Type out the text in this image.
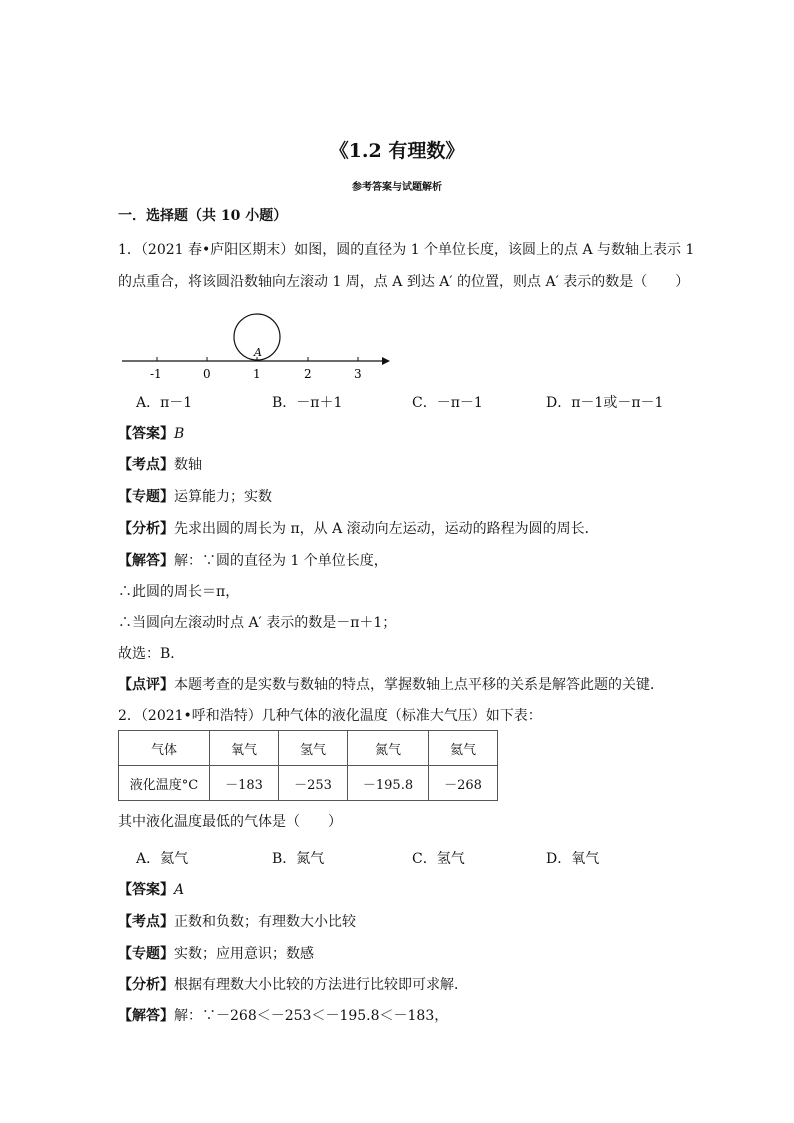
《1.2 有理数》
参考答案与试题解析
一．选择题（共 10 小题）
1．（2021 春•庐阳区期末）如图，圆的直径为 1 个单位长度，该圆上的点 A 与数轴上表示 1
的点重合，将该圆沿数轴向左滚动 1 周，点 A 到达 A′ 的位置，则点 A′ 表示的数是（　　）
A
-1	0	1	2	3
A．π－1	B．－π＋1	C．－π－1	D．π－1或－π－1
【答案】B
【考点】数轴
【专题】运算能力；实数
【分析】先求出圆的周长为 π，从 A 滚动向左运动，运动的路程为圆的周长．
【解答】解：∵圆的直径为 1 个单位长度，
∴此圆的周长＝π，
∴当圆向左滚动时点 A′ 表示的数是－π＋1；
故选：B．
【点评】本题考查的是实数与数轴的特点，掌握数轴上点平移的关系是解答此题的关键．
2．（2021•呼和浩特）几种气体的液化温度（标准大气压）如下表：
气体	氧气	氢气	氮气	氦气
液化温度°C	－183	－253	－195.8	－268
其中液化温度最低的气体是（　　）
A．氦气	B．氮气	C．氢气	D．氧气
【答案】A
【考点】正数和负数；有理数大小比较
【专题】实数；应用意识；数感
【分析】根据有理数大小比较的方法进行比较即可求解．
【解答】解：∵－268＜－253＜－195.8＜－183，
